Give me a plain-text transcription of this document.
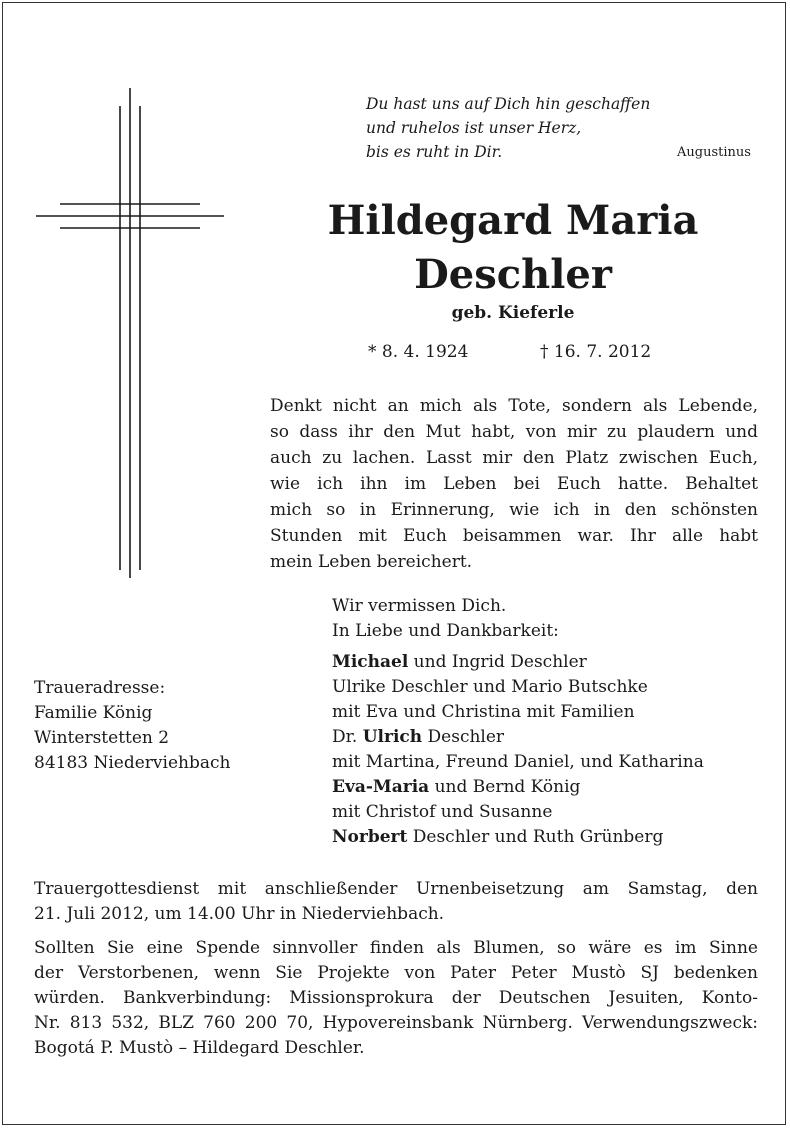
Du hast uns auf Dich hin geschaffen
und ruhelos ist unser Herz,
bis es ruht in Dir.	Augustinus
Hildegard Maria
Deschler
geb. Kieferle
* 8. 4. 1924	† 16. 7. 2012
Denkt nicht an mich als Tote, sondern als Lebende,
so dass ihr den Mut habt, von mir zu plaudern und
auch zu lachen. Lasst mir den Platz zwischen Euch,
wie ich ihn im Leben bei Euch hatte. Behaltet
mich so in Erinnerung, wie ich in den schönsten
Stunden mit Euch beisammen war. Ihr alle habt
mein Leben bereichert.
Wir vermissen Dich.
In Liebe und Dankbarkeit:
Michael und Ingrid Deschler
Ulrike Deschler und Mario Butschke
mit Eva und Christina mit Familien
Dr. Ulrich Deschler
mit Martina, Freund Daniel, und Katharina
Eva-Maria und Bernd König
mit Christof und Susanne
Norbert Deschler und Ruth Grünberg
Traueradresse:
Familie König
Winterstetten 2
84183 Niederviehbach
Trauergottesdienst mit anschließender Urnenbeisetzung am Samstag, den
21. Juli 2012, um 14.00 Uhr in Niederviehbach.
Sollten Sie eine Spende sinnvoller finden als Blumen, so wäre es im Sinne
der Verstorbenen, wenn Sie Projekte von Pater Peter Mustò SJ bedenken
würden. Bankverbindung: Missionsprokura der Deutschen Jesuiten, Konto-
Nr. 813 532, BLZ 760 200 70, Hypovereinsbank Nürnberg. Verwendungszweck:
Bogotá P. Mustò – Hildegard Deschler.
